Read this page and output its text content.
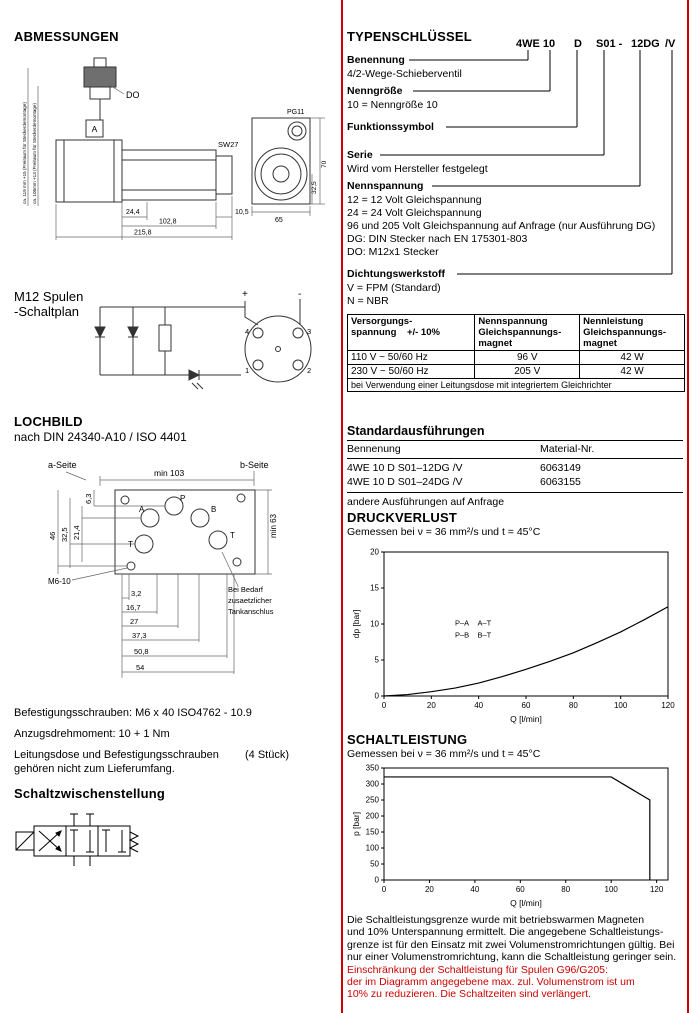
ABMESSUNGEN
DO
A
SW27
PG11
24,4
102,8
215,8
10,5
65
32,5
70
ca. 119 mm +15 (Freiraum für Steckerdemontage) ca. 106mm +13 (Freiraum für Steckerdemontage)
M12 Spulen
-Schaltplan
+	-
4	3
1	2
LOCHBILD
nach DIN 24340-A10 / ISO 4401
a-Seite	b-Seite
min 103
min 63
46 32,5 21,4
6,3
A
P
B
T
T
M6-10
3,2
16,7
27
37,3
50,8
54
Bei Bedarf
zusaetzlicher
Tankanschlus
Befestigungsschrauben: M6 x 40 ISO4762 - 10.9
Anzugsdrehmoment: 10 + 1 Nm
Leitungsdose und Befestigungsschrauben (4 Stück)
gehören nicht zum Lieferumfang.
Schaltzwischenstellung
TYPENSCHLÜSSEL	4WE 10 D S01 - 12DG /V
Benennung
4/2-Wege-Schieberventil
Nenngröße
10 = Nenngröße 10
Funktionssymbol
Serie
Wird vom Hersteller festgelegt
Nennspannung
12 = 12 Volt Gleichspannung
24 = 24 Volt Gleichspannung
96 und 205 Volt Gleichspannung auf Anfrage (nur Ausführung DG)
DG: DIN Stecker nach EN 175301-803
DO: M12x1 Stecker
Dichtungswerkstoff
V = FPM (Standard)
N = NBR
Versorgungs-
spannung    +/- 10%

Nennspannung
Gleichspannungs-
magnet

Nennleistung
Gleichspannungs-
magnet

110 V ~ 50/60 Hz	96 V	42 W
230 V ~ 50/60 Hz	205 V	42 W
bei Verwendung einer Leitungsdose mit integriertem Gleichrichter		
Standardausführungen
Bennenung	Material-Nr.
4WE 10 D S01–12DG /V	6063149
4WE 10 D S01–24DG /V	6063155
andere Ausführungen auf Anfrage
DRUCKVERLUST
Gemessen bei ν = 36 mm²/s und t = 45°C
0	20	40	60	80	100	120
0
5
10
15
20
Q [l/min]
dp [bar]	P–A    A–T
P–B    B–T
SCHALTLEISTUNG
Gemessen bei ν = 36 mm²/s und t = 45°C
0	20	40	60	80	100	120
0
50
100
150
200
250
300
350
Q [l/min]
p [bar]
Die Schaltleistungsgrenze wurde mit betriebswarmen Magneten
und 10% Unterspannung ermittelt. Die angegebene Schaltleistungs-
grenze ist für den Einsatz mit zwei Volumenstromrichtungen gültig. Bei
nur einer Volumenstromrichtung, kann die Schaltleistung geringer sein.
Einschränkung der Schaltleistung für Spulen G96/G205:
der im Diagramm angegebene max. zul. Volumenstrom ist um
10% zu reduzieren. Die Schaltzeiten sind verlängert.
